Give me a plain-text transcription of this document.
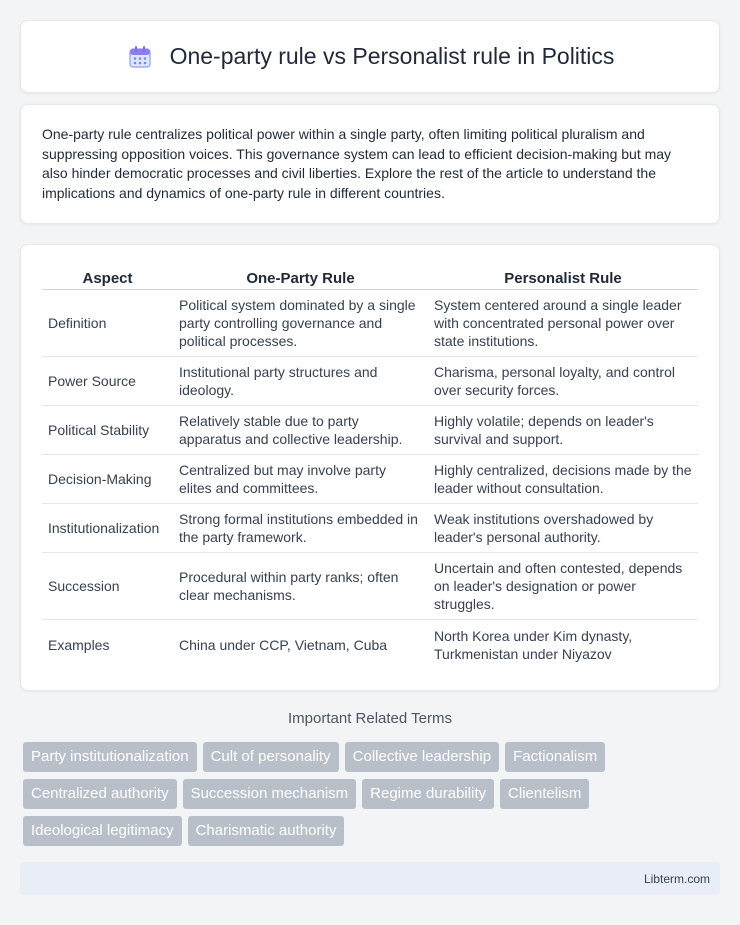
One-party rule vs Personalist rule in Politics

One-party rule centralizes political power within a single party, often limiting political pluralism and suppressing opposition voices. This governance system can lead to efficient decision-making but may also hinder democratic processes and civil liberties. Explore the rest of the article to understand the implications and dynamics of one-party rule in different countries.

Aspect	One-Party Rule	Personalist Rule
Definition	Political system dominated by a single party controlling governance and political processes.	System centered around a single leader with concentrated personal power over state institutions.
Power Source	Institutional party structures and ideology.	Charisma, personal loyalty, and control over security forces.
Political Stability	Relatively stable due to party apparatus and collective leadership.	Highly volatile; depends on leader's survival and support.
Decision-Making	Centralized but may involve party elites and committees.	Highly centralized, decisions made by the leader without consultation.
Institutionalization	Strong formal institutions embedded in the party framework.	Weak institutions overshadowed by leader's personal authority.
Succession	Procedural within party ranks; often clear mechanisms.	Uncertain and often contested, depends on leader's designation or power struggles.
Examples	China under CCP, Vietnam, Cuba	North Korea under Kim dynasty, Turkmenistan under Niyazov
Important Related Terms
Party institutionalization	Cult of personality	Collective leadership	Factionalism
Centralized authority	Succession mechanism	Regime durability	Clientelism
Ideological legitimacy	Charismatic authority
Libterm.com
